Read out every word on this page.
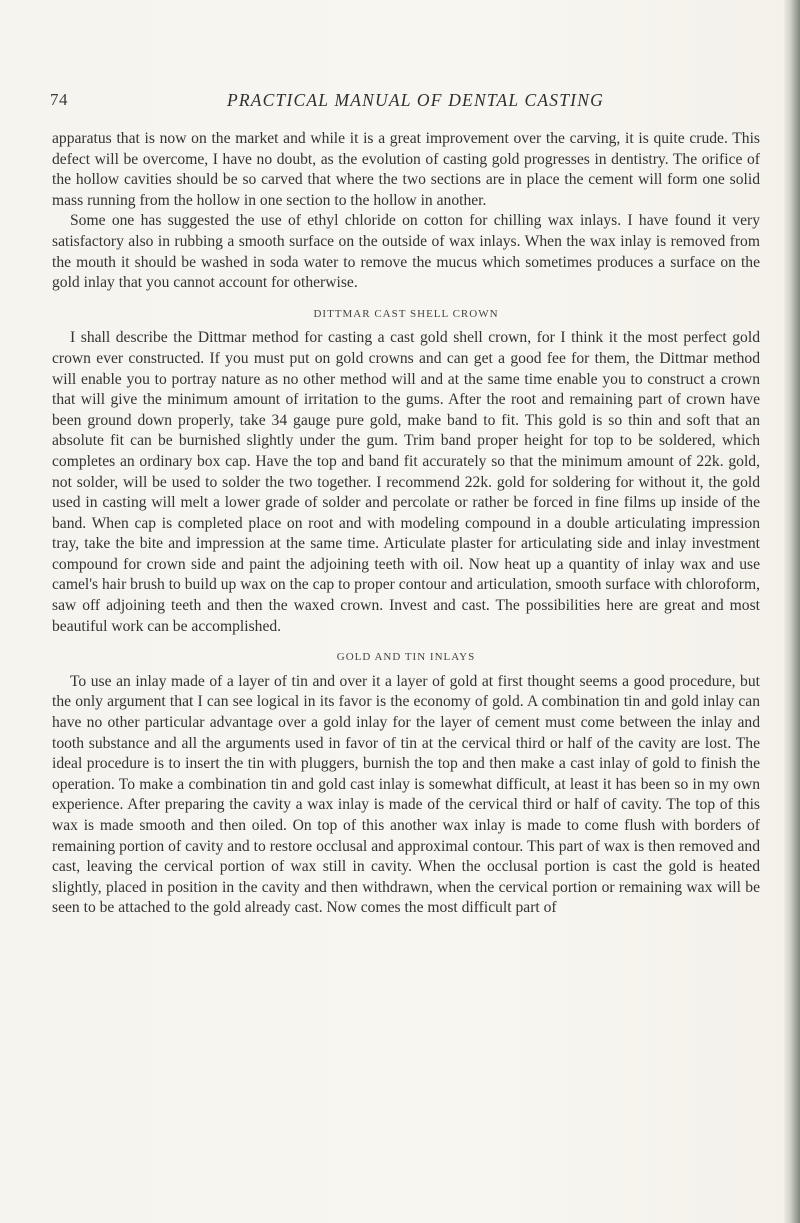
74	PRACTICAL MANUAL OF DENTAL CASTING

apparatus that is now on the market and while it is a great improvement over the carving, it is quite crude. This defect will be overcome, I have no doubt, as the evolution of casting gold progresses in dentistry. The orifice of the hollow cavities should be so carved that where the two sections are in place the cement will form one solid mass running from the hollow in one section to the hollow in another.

Some one has suggested the use of ethyl chloride on cotton for chilling wax inlays. I have found it very satisfactory also in rubbing a smooth surface on the outside of wax inlays. When the wax inlay is removed from the mouth it should be washed in soda water to remove the mucus which sometimes produces a surface on the gold inlay that you cannot account for otherwise.

DITTMAR CAST SHELL CROWN

I shall describe the Dittmar method for casting a cast gold shell crown, for I think it the most perfect gold crown ever constructed. If you must put on gold crowns and can get a good fee for them, the Dittmar method will enable you to portray nature as no other method will and at the same time enable you to construct a crown that will give the minimum amount of irritation to the gums. After the root and remaining part of crown have been ground down properly, take 34 gauge pure gold, make band to fit. This gold is so thin and soft that an absolute fit can be burnished slightly under the gum. Trim band proper height for top to be soldered, which completes an ordinary box cap. Have the top and band fit accurately so that the minimum amount of 22k. gold, not solder, will be used to solder the two together. I recommend 22k. gold for soldering for without it, the gold used in casting will melt a lower grade of solder and percolate or rather be forced in fine films up inside of the band. When cap is completed place on root and with modeling compound in a double articulating impression tray, take the bite and impression at the same time. Articulate plaster for articulating side and inlay investment compound for crown side and paint the adjoining teeth with oil. Now heat up a quantity of inlay wax and use camel's hair brush to build up wax on the cap to proper contour and articulation, smooth surface with chloroform, saw off adjoining teeth and then the waxed crown. Invest and cast. The possibilities here are great and most beautiful work can be accomplished.

GOLD AND TIN INLAYS

To use an inlay made of a layer of tin and over it a layer of gold at first thought seems a good procedure, but the only argument that I can see logical in its favor is the economy of gold. A combination tin and gold inlay can have no other particular advantage over a gold inlay for the layer of cement must come between the inlay and tooth substance and all the arguments used in favor of tin at the cervical third or half of the cavity are lost. The ideal procedure is to insert the tin with pluggers, burnish the top and then make a cast inlay of gold to finish the operation. To make a combination tin and gold cast inlay is somewhat difficult, at least it has been so in my own experience. After preparing the cavity a wax inlay is made of the cervical third or half of cavity. The top of this wax is made smooth and then oiled. On top of this another wax inlay is made to come flush with borders of remaining portion of cavity and to restore occlusal and approximal contour. This part of wax is then removed and cast, leaving the cervical portion of wax still in cavity. When the occlusal portion is cast the gold is heated slightly, placed in position in the cavity and then withdrawn, when the cervical portion or remaining wax will be seen to be attached to the gold already cast. Now comes the most difficult part of
